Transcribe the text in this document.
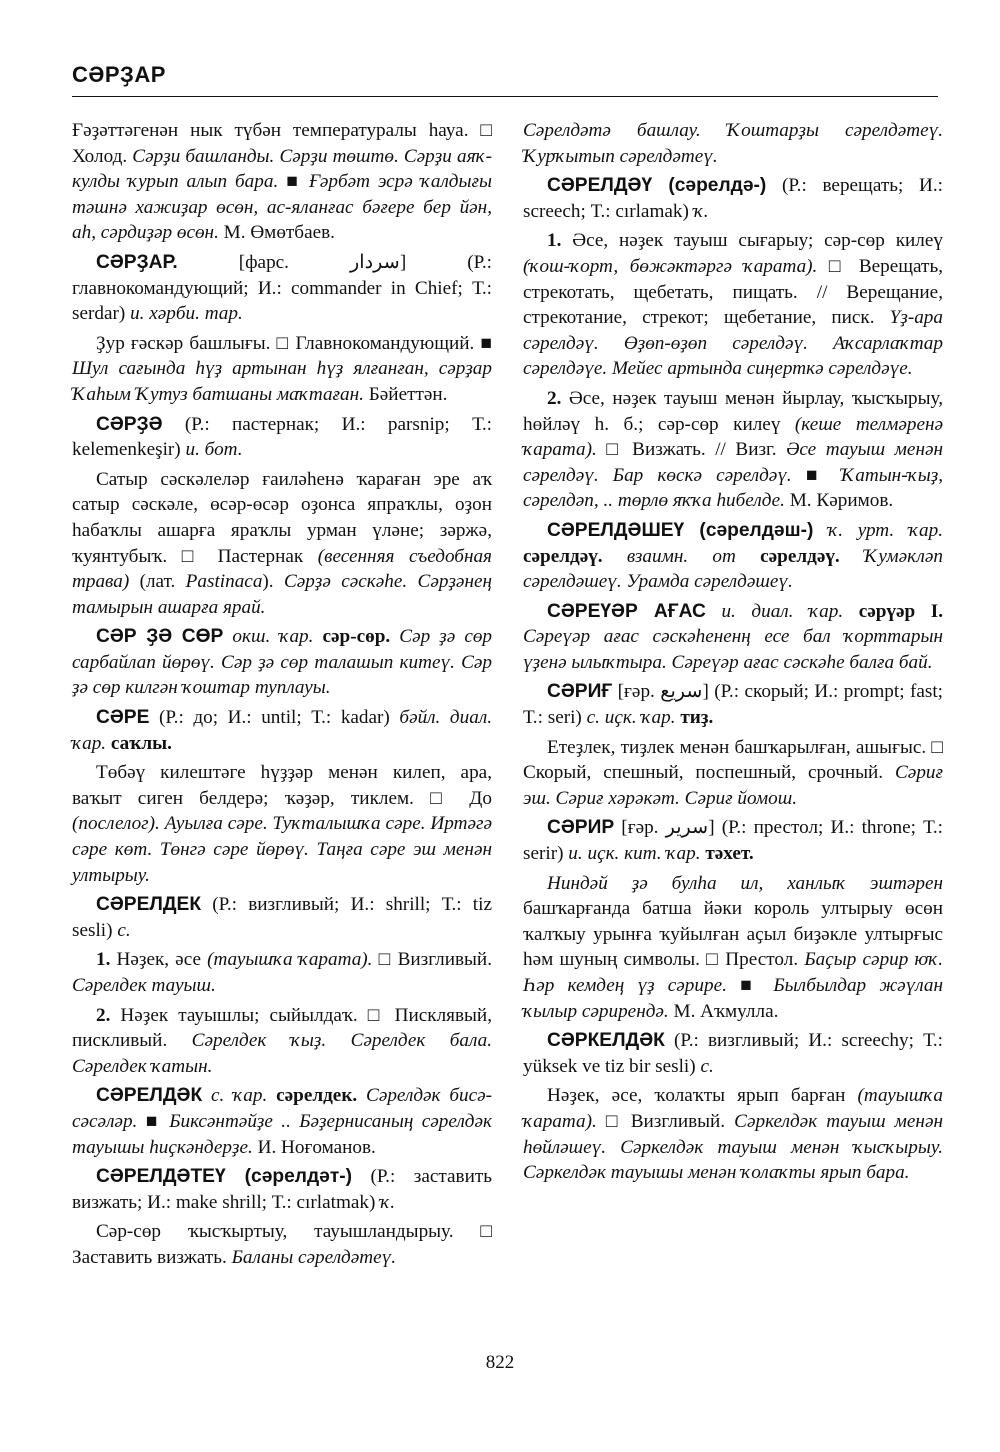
СӘРҘАР

Ғәҙәттәгенән нык түбән температуралы һауа. □ Холод. Сәрҙи башланды. Сәрҙи төштө. Сәрҙи аяҡ-кулды ҡурып алып бара. ■ Ғәрбәт эсрә ҡалдығы тәшнә хажиҙар өсөн, ас-яланғас бәғере бер йән, аһ, сәрдиҙәр өсөн. М. Өмөтбаев.

СӘРҘАР. [фарс. سردار] (Р.: главнокомандующий; И.: commander in Chief; Т.: serdar) и. хәрби. тар.

Ҙур ғәскәр башлығы. □ Главнокомандующий. ■ Шул сағында һүҙ артынан һүҙ ялғанған, сәрҙар Ҡаһым Ҡутуз батшаны маҡтаған. Бәйеттән.

СӘРҘӘ (Р.: пастернак; И.: parsnip; Т.: kelemenkeşir) и. бот.

Сатыр сәскәлеләр ғаиләһенә ҡараған эре аҡ сатыр сәскәле, өсәр-өсәр оҙонса япраҡлы, оҙон һабаҡлы ашарға яраҡлы урман үләне; зәржә, ҡуянтубыҡ. □ Пастернак (весенняя съедобная трава) (лат. Pastinaca). Сәрҙә сәскәһе. Сәрҙәнең тамырын ашарға ярай.

СӘР ҘӘ СӨР окш. ҡар. сәр-сөр. Сәр ҙә сөр сарбайлап йөрөү. Сәр ҙә сөр талашып китеү. Сәр ҙә сөр килгән ҡоштар туплауы.

СӘРЕ (Р.: до; И.: until; Т.: kadar) бәйл. диал. ҡар. саҡлы.

Төбәү килештәге һүҙҙәр менән килеп, ара, ваҡыт сиген белдерә; ҡәҙәр, тиклем. □ До (послелог). Ауылға сәре. Туҡталышҡа сәре. Иртәгә сәре көт. Төнгә сәре йөрөү. Таңға сәре эш менән ултырыу.

СӘРЕЛДЕК (Р.: визгливый; И.: shrill; Т.: tiz sesli) с.

1. Нәҙек, әсе (тауышҡа ҡарата). □ Визгливый. Сәрелдек тауыш.

2. Нәҙек тауышлы; сыйылдаҡ. □ Писклявый, пискливый. Сәрелдек ҡыҙ. Сәрелдек бала. Сәрелдек ҡатын.

СӘРЕЛДӘК с. ҡар. сәрелдек. Сәрелдәк бисә-сәсәләр. ■ Биксәнтәйҙе .. Бәҙернисаның сәрелдәк тауышы һиҫкәндерҙе. И. Ноғоманов.

СӘРЕЛДӘТЕҮ (сәрелдәт-) (Р.: заставить визжать; И.: make shrill; Т.: cırlatmak) ҡ.

Сәр-сөр ҡысҡыртыу, тауышландырыу. □ Заставить визжать. Баланы сәрелдәтеү.

Сәрелдәтә башлау. Ҡоштарҙы сәрелдәтеү. Ҡурҡытып сәрелдәтеү.

СӘРЕЛДӘҮ (сәрелдә-) (Р.: верещать; И.: screech; Т.: cırlamak) ҡ.

1. Әсе, нәҙек тауыш сығарыу; сәр-сөр килеү (ҡош-ҡорт, бөжәктәргә ҡарата). □ Верещать, стрекотать, щебетать, пищать. // Верещание, стрекотание, стрекот; щебетание, писк. Үҙ-ара сәрелдәү. Өҙөп-өҙөп сәрелдәү. Аҡсарлаҡтар сәрелдәүе. Мейес артында сиңерткә сәрелдәүе.

2. Әсе, нәҙек тауыш менән йырлау, ҡысҡырыу, һөйләү һ. б.; сәр-сөр килеү (кеше телмәренә ҡарата). □ Визжать. // Визг. Әсе тауыш менән сәрелдәү. Бар көскә сәрелдәү. ■ Ҡатын-ҡыҙ, сәрелдәп, .. төрлө яҡҡа һибелде. М. Кәримов.

СӘРЕЛДӘШЕҮ (сәрелдәш-) ҡ. урт. ҡар. сәрелдәү. взаимн. от сәрелдәү. Ҡумәкләп сәрелдәшеү. Урамда сәрелдәшеү.

СӘРЕҮӘР АҒАС и. диал. ҡар. сәрүәр I. Сәреүәр ағас сәскәһененң есе бал ҡорттарын үҙенә ылыҡтыра. Сәреүәр ағас сәскәһе балға бай.

СӘРИҒ [ғәр. سريع] (Р.: скорый; И.: prompt; fast; Т.: seri) с. иҫк. ҡар. тиҙ.

Етеҙлек, тиҙлек менән башҡарылған, ашығыс. □ Скорый, спешный, поспешный, срочный. Сәриғ эш. Сәриғ хәрәкәт. Сәриғ йомош.

СӘРИР [ғәр. سرير] (Р.: престол; И.: throne; Т.: serir) и. иҫк. кит. ҡар. тәхет.

Ниндәй ҙә булһа ил, ханлыҡ эштәрен башҡарғанда батша йәки король ултырыу өсөн ҡалҡыу урынға ҡуйылған аҫыл биҙәкле ултырғыс һәм шуның символы. □ Престол. Баҫыр сәрир юҡ. Һәр кемдең үҙ сәрире. ■ Былбылдар жәүлан ҡылыр сәрирендә. М. Аҡмулла.

СӘРКЕЛДӘК (Р.: визгливый; И.: screechy; Т.: yüksek ve tiz bir sesli) с.

Нәҙек, әсе, ҡолаҡты ярып барған (тауышҡа ҡарата). □ Визгливый. Сәркелдәк тауыш менән һөйләшеү. Сәркелдәк тауыш менән ҡысҡырыу. Сәркелдәк тауышы менән ҡолаҡты ярып бара.

822
